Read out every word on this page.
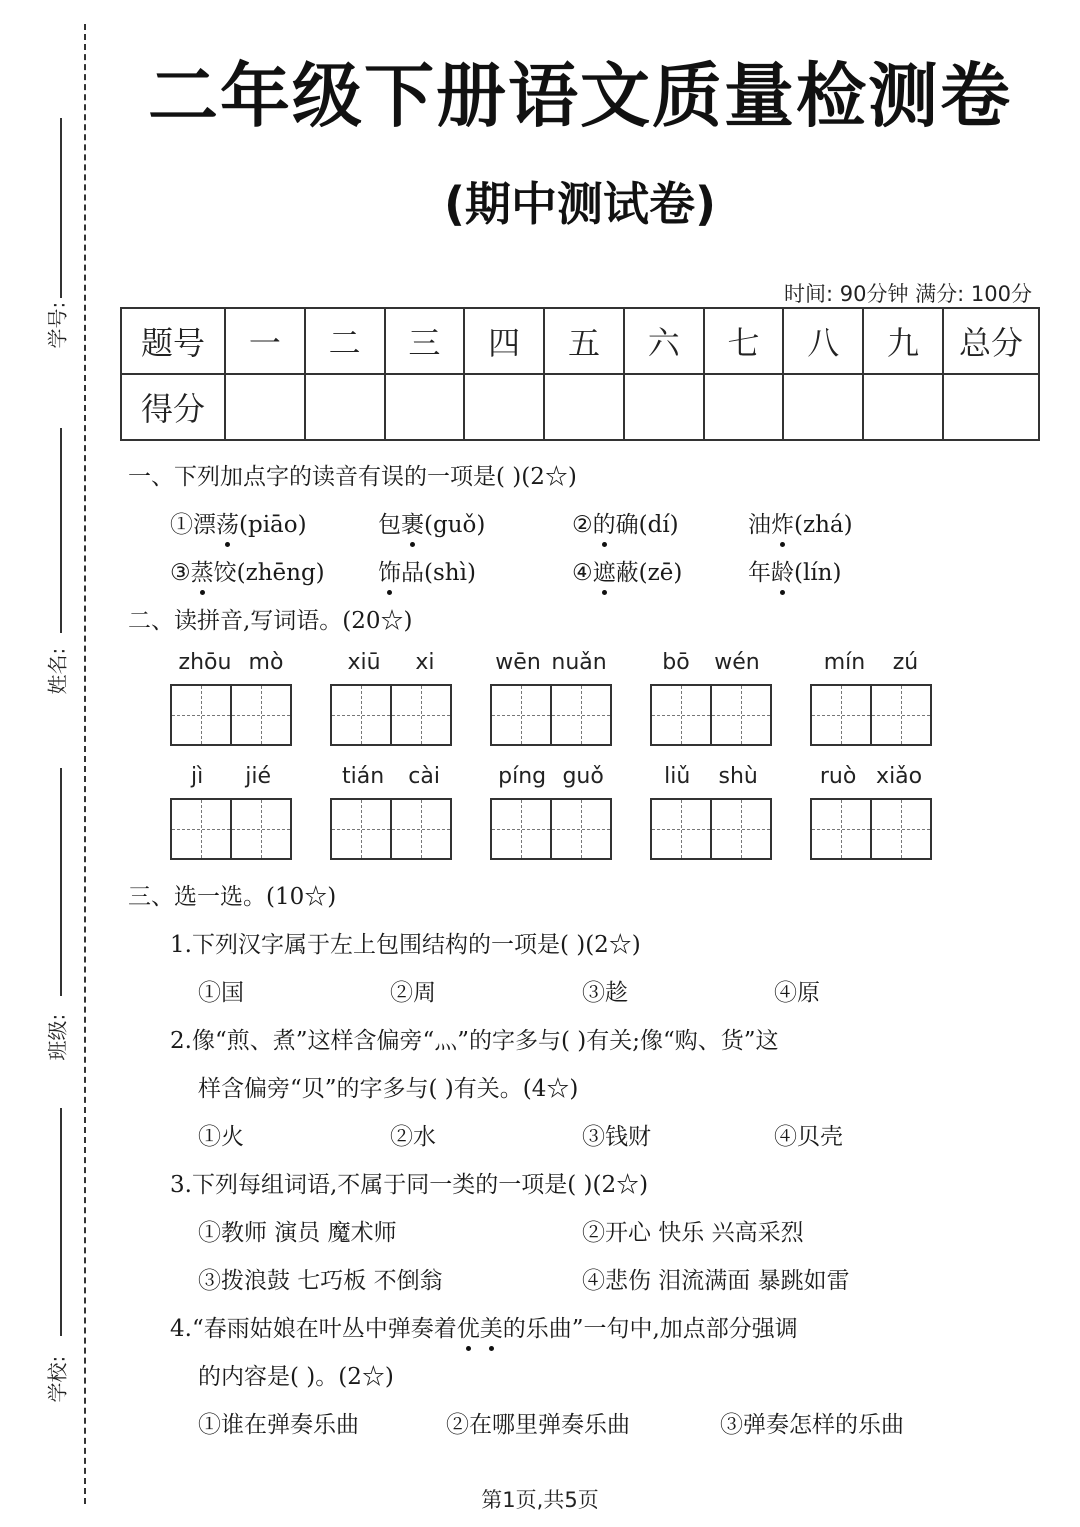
学号:
姓名:
班级:
学校:
二年级下册语文质量检测卷
(期中测试卷)
时间: 90分钟 满分: 100分
题号	一	二	三	四	五	六	七	八	九	总分
得分										
一、下列加点字的读音有误的一项是( )(2☆)
①漂荡(piāo)	包裹(guǒ)	②的确(dí)	油炸(zhá)
③蒸饺(zhēng) 饰品(shì)	④遮蔽(zē)	年龄(lín)
二、读拼音,写词语。(20☆)
zhōu mò	xiū xi	wēn nuǎn	bō wén	mín zú
jì jié	tián cài	píng guǒ	liǔ shù	ruò xiǎo
三、选一选。(10☆)
1.下列汉字属于左上包围结构的一项是( )(2☆)
①国	②周	③趁	④原
2.像“煎、煮”这样含偏旁“灬”的字多与( )有关;像“购、货”这
样含偏旁“贝”的字多与( )有关。(4☆)
①火	②水	③钱财	④贝壳
3.下列每组词语,不属于同一类的一项是( )(2☆)
①教师 演员 魔术师	②开心 快乐 兴高采烈
③拨浪鼓 七巧板 不倒翁	④悲伤 泪流满面 暴跳如雷
4.“春雨姑娘在叶丛中弹奏着优美的乐曲”一句中,加点部分强调
的内容是( )。(2☆)
①谁在弹奏乐曲	②在哪里弹奏乐曲	③弹奏怎样的乐曲
第1页,共5页
